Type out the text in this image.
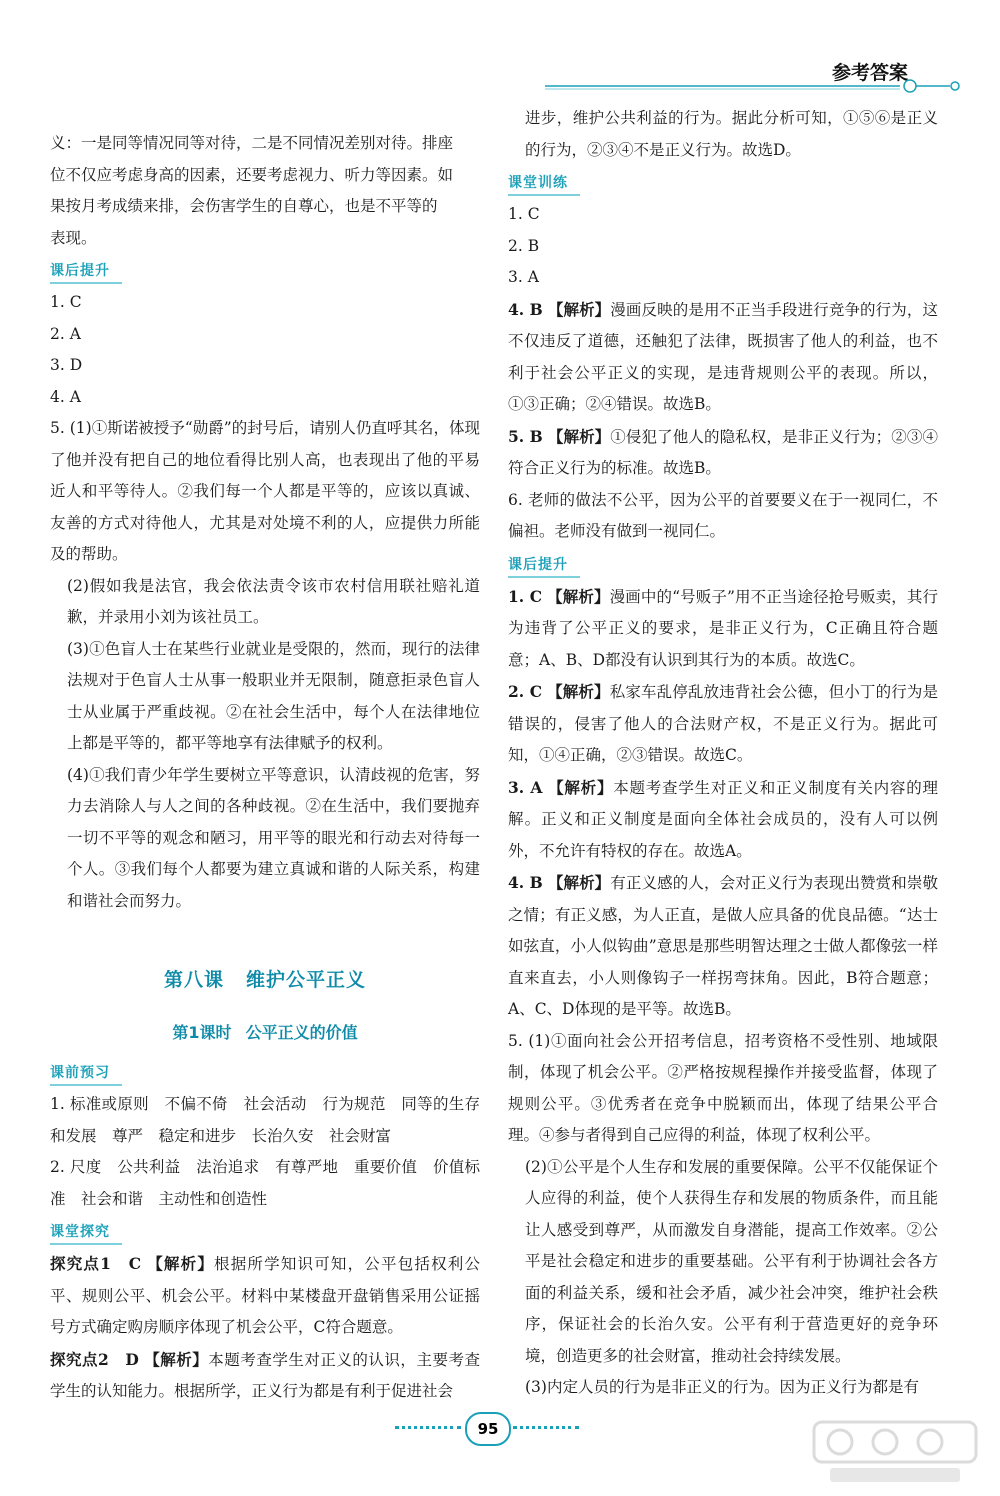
参考答案

义：一是同等情况同等对待，二是不同情况差别对待。排座

位不仅应考虑身高的因素，还要考虑视力、听力等因素。如

果按月考成绩来排，会伤害学生的自尊心，也是不平等的

表现。

课后提升

1. C

2. A

3. D

4. A

5. (1)①斯诺被授予“勋爵”的封号后，请别人仍直呼其名，体现了他并没有把自己的地位看得比别人高，也表现出了他的平易近人和平等待人。②我们每一个人都是平等的，应该以真诚、友善的方式对待他人，尤其是对处境不利的人，应提供力所能及的帮助。

(2)假如我是法官，我会依法责令该市农村信用联社赔礼道歉，并录用小刘为该社员工。

(3)①色盲人士在某些行业就业是受限的，然而，现行的法律法规对于色盲人士从事一般职业并无限制，随意拒录色盲人士从业属于严重歧视。②在社会生活中，每个人在法律地位上都是平等的，都平等地享有法律赋予的权利。

(4)①我们青少年学生要树立平等意识，认清歧视的危害，努力去消除人与人之间的各种歧视。②在生活中，我们要抛弃一切不平等的观念和陋习，用平等的眼光和行动去对待每一个人。③我们每个人都要为建立真诚和谐的人际关系，构建和谐社会而努力。

第八课 维护公平正义
第1课时 公平正义的价值
课前预习

1. 标准或原则　不偏不倚　社会活动　行为规范　同等的生存和发展　尊严　稳定和进步　长治久安　社会财富

2. 尺度　公共利益　法治追求　有尊严地　重要价值　价值标准　社会和谐　主动性和创造性

课堂探究

探究点1　C 【解析】根据所学知识可知，公平包括权利公平、规则公平、机会公平。材料中某楼盘开盘销售采用公证摇号方式确定购房顺序体现了机会公平，C符合题意。

探究点2　D 【解析】本题考查学生对正义的认识，主要考查学生的认知能力。根据所学，正义行为都是有利于促进社会

进步，维护公共利益的行为。据此分析可知，①⑤⑥是正义的行为，②③④不是正义行为。故选D。

课堂训练

1. C

2. B

3. A

4. B 【解析】漫画反映的是用不正当手段进行竞争的行为，这不仅违反了道德，还触犯了法律，既损害了他人的利益，也不利于社会公平正义的实现，是违背规则公平的表现。所以，①③正确；②④错误。故选B。

5. B 【解析】①侵犯了他人的隐私权，是非正义行为；②③④符合正义行为的标准。故选B。

6. 老师的做法不公平，因为公平的首要要义在于一视同仁，不偏袒。老师没有做到一视同仁。

课后提升

1. C 【解析】漫画中的“号贩子”用不正当途径抢号贩卖，其行为违背了公平正义的要求，是非正义行为，C正确且符合题意；A、B、D都没有认识到其行为的本质。故选C。

2. C 【解析】私家车乱停乱放违背社会公德，但小丁的行为是错误的，侵害了他人的合法财产权，不是正义行为。据此可知，①④正确，②③错误。故选C。

3. A 【解析】本题考查学生对正义和正义制度有关内容的理解。正义和正义制度是面向全体社会成员的，没有人可以例外，不允许有特权的存在。故选A。

4. B 【解析】有正义感的人，会对正义行为表现出赞赏和崇敬之情；有正义感，为人正直，是做人应具备的优良品德。“达士如弦直，小人似钩曲”意思是那些明智达理之士做人都像弦一样直来直去，小人则像钩子一样拐弯抹角。因此，B符合题意；A、C、D体现的是平等。故选B。

5. (1)①面向社会公开招考信息，招考资格不受性别、地域限制，体现了机会公平。②严格按规程操作并接受监督，体现了规则公平。③优秀者在竞争中脱颖而出，体现了结果公平合理。④参与者得到自己应得的利益，体现了权利公平。

(2)①公平是个人生存和发展的重要保障。公平不仅能保证个人应得的利益，使个人获得生存和发展的物质条件，而且能让人感受到尊严，从而激发自身潜能，提高工作效率。②公平是社会稳定和进步的重要基础。公平有利于协调社会各方面的利益关系，缓和社会矛盾，减少社会冲突，维护社会秩序，保证社会的长治久安。公平有利于营造更好的竞争环境，创造更多的社会财富，推动社会持续发展。

(3)内定人员的行为是非正义的行为。因为正义行为都是有

95
